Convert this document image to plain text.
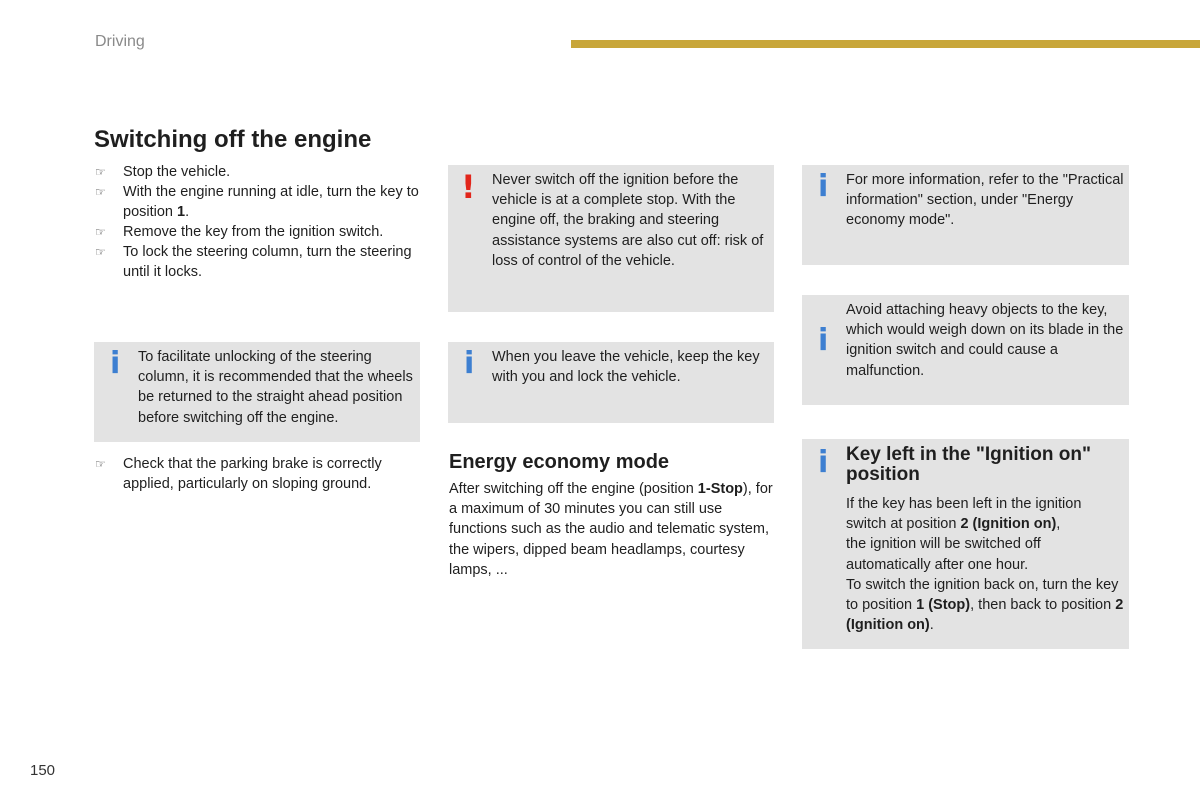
Driving
Switching off the engine
☞ Stop the vehicle.
☞ With the engine running at idle, turn the key to position 1.
☞ Remove the key from the ignition switch.
☞ To lock the steering column, turn the steering until it locks.
i To facilitate unlocking of the steering column, it is recommended that the wheels be returned to the straight ahead position before switching off the engine.
☞ Check that the parking brake is correctly applied, particularly on sloping ground.
! Never switch off the ignition before the vehicle is at a complete stop. With the engine off, the braking and steering assistance systems are also cut off: risk of loss of control of the vehicle.
i When you leave the vehicle, keep the key with you and lock the vehicle.
Energy economy mode
After switching off the engine (position 1-Stop), for a maximum of 30 minutes you can still use functions such as the audio and telematic system, the wipers, dipped beam headlamps, courtesy lamps, ...
i For more information, refer to the "Practical information" section, under "Energy economy mode".
i
Avoid attaching heavy objects to the key, which would weigh down on its blade in the ignition switch and could cause a malfunction.
i Key left in the "Ignition on" position
If the key has been left in the ignition switch at position 2 (Ignition on),
the ignition will be switched off automatically after one hour.
To switch the ignition back on, turn the key to position 1 (Stop), then back to position 2 (Ignition on).
150
